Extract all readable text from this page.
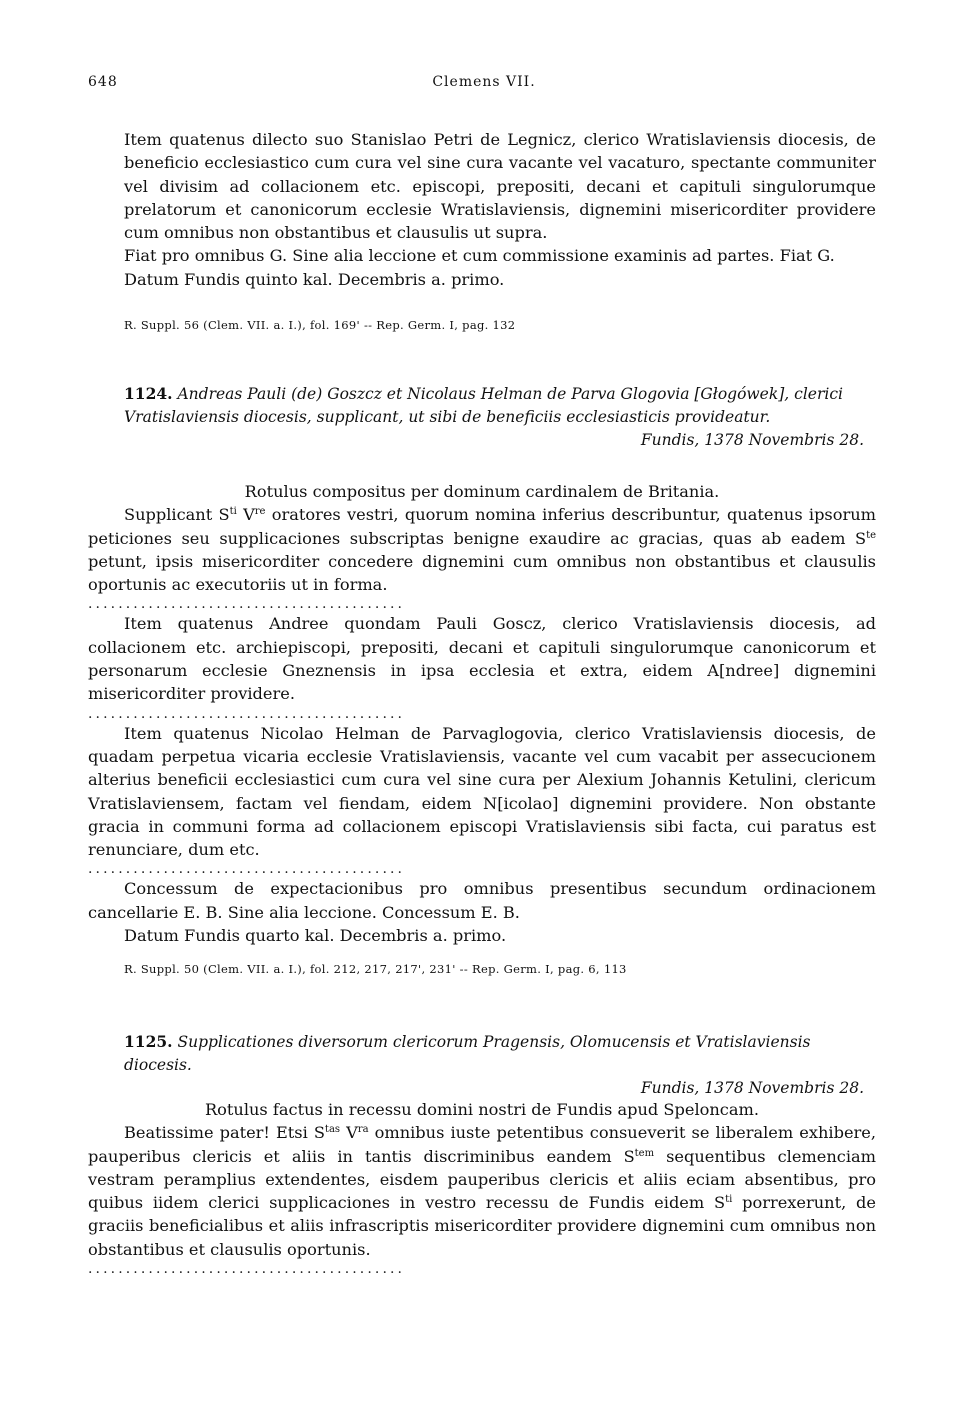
648	Clemens VII.

Item quatenus dilecto suo Stanislao Petri de Legnicz, clerico Wratislaviensis diocesis, de beneficio ecclesiastico cum cura vel sine cura vacante vel vacaturo, spectante communiter vel divisim ad collacionem etc. episcopi, prepositi, decani et capituli singulorumque prelatorum et canonicorum ecclesie Wratislaviensis, dignemini misericorditer providere cum omnibus non obstantibus et clausulis ut supra.

Fiat pro omnibus G. Sine alia leccione et cum commissione examinis ad partes. Fiat G.

Datum Fundis quinto kal. Decembris a. primo.

R. Suppl. 56 (Clem. VII. a. I.), fol. 169' -- Rep. Germ. I, pag. 132
1124. Andreas Pauli (de) Goszcz et Nicolaus Helman de Parva Glogovia [Głogówek], clerici Vratislaviensis diocesis, supplicant, ut sibi de beneficiis ecclesiasticis provideatur.
Fundis, 1378 Novembris 28.

Rotulus compositus per dominum cardinalem de Britania.

Supplicant $S^{ti}$ Vre oratores vestri, quorum nomina inferius describuntur, quatenus ipsorum peticiones seu supplicaciones subscriptas benigne exaudire ac gracias, quas ab eadem $S^{te}$ petunt, ipsis misericorditer concedere dignemini cum omnibus non obstantibus et clausulis oportunis ac executoriis ut in forma.

..........................................

Item quatenus Andree quondam Pauli Goscz, clerico Vratislaviensis diocesis, ad collacionem etc. archiepiscopi, prepositi, decani et capituli singulorumque canonicorum et personarum ecclesie Gneznensis in ipsa ecclesia et extra, eidem A[ndree] dignemini misericorditer providere.

..........................................

Item quatenus Nicolao Helman de Parvaglogovia, clerico Vratislaviensis diocesis, de quadam perpetua vicaria ecclesie Vratislaviensis, vacante vel cum vacabit per assecucionem alterius beneficii ecclesiastici cum cura vel sine cura per Alexium Johannis Ketulini, clericum Vratislaviensem, factam vel fiendam, eidem N[icolao] dignemini providere. Non obstante gracia in communi forma ad collacionem episcopi Vratislaviensis sibi facta, cui paratus est renunciare, dum etc.

..........................................

Concessum de expectacionibus pro omnibus presentibus secundum ordinacionem cancellarie E. B. Sine alia leccione. Concessum E. B.

Datum Fundis quarto kal. Decembris a. primo.

R. Suppl. 50 (Clem. VII. a. I.), fol. 212, 217, 217', 231' -- Rep. Germ. I, pag. 6, 113
1125. Supplicationes diversorum clericorum Pragensis, Olomucensis et Vratislaviensis diocesis.
Fundis, 1378 Novembris 28.

Rotulus factus in recessu domini nostri de Fundis apud Speloncam.

Beatissime pater! Etsi $S^{tas}$ $V^{ra}$ omnibus iuste petentibus consueverit se liberalem exhibere, pauperibus clericis et aliis in tantis discriminibus eandem $S^{tem}$ sequentibus clemenciam vestram peramplius extendentes, eisdem pauperibus clericis et aliis eciam absentibus, pro quibus iidem clerici supplicaciones in vestro recessu de Fundis eidem $S^{ti}$ porrexerunt, de graciis beneficialibus et aliis infrascriptis misericorditer providere dignemini cum omnibus non obstantibus et clausulis oportunis.

..........................................
